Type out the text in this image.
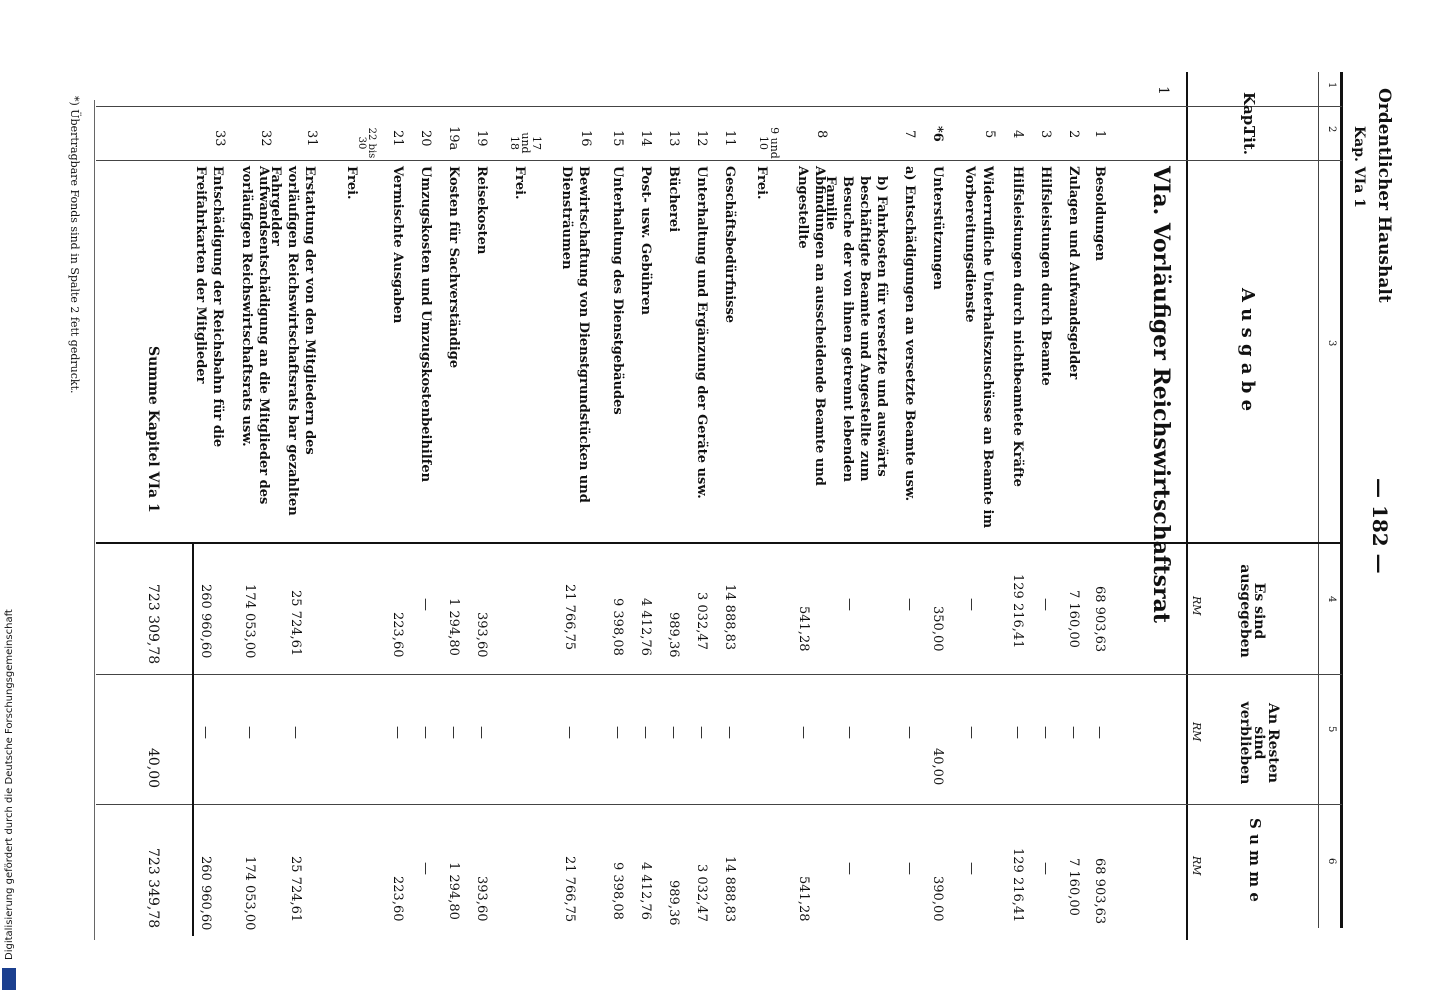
1
2
3
4
5
6
Ordentlicher Haushalt
Kap. VIa 1
— 182 —
Kap.
Tit.
A u s g a b e
Es sind ausgegeben
An Resten sind verblieben
S u m m e
RM
RM
RM
1
VIa. Vorläufiger Reichswirtschaftsrat
1
Besoldungen
68 903,63
—
68 903,63
2
Zulagen und Aufwandsgelder
7 160,00
—
7 160,00
3
Hilfsleistungen durch Beamte
—
—
—
4
Hilfsleistungen durch nichtbeamtete Kräfte
129 216,41
—
129 216,41
5
Widerrufliche Unterhaltszuschüsse an Beamte im Vorbereitungsdienste
—
—
—
*6
Unterstützungen
350,00
40,00
390,00
7
a) Entschädigungen an versetzte Beamte usw.
—
—
—
b) Fahrkosten für versetzte und auswärts beschäftigte Beamte und Angestellte zum Besuche der von ihnen getrennt lebenden Familie
—
—
—
8
Abfindungen an ausscheidende Beamte und Angestellte
541,28
—
541,28
9 und 10
Frei.
11
Geschäftsbedürfnisse
14 888,83
—
14 888,83
12
Unterhaltung und Ergänzung der Geräte usw.
3 032,47
—
3 032,47
13
Bücherei
989,36
—
989,36
14
Post- usw. Gebühren
4 412,76
—
4 412,76
15
Unterhaltung des Dienstgebäudes
9 398,08
—
9 398,08
16
Bewirtschaftung von Dienstgrundstücken und Diensträumen
21 766,75
—
21 766,75
17 und 18
Frei.
19
Reisekosten
393,60
—
393,60
19a
Kosten für Sachverständige
1 294,80
—
1 294,80
20
Umzugskosten und Umzugskostenbeihilfen
—
—
—
21
Vermischte Ausgaben
223,60
—
223,60
22 bis 30
Frei.
31
Erstattung der von den Mitgliedern des vorläufigen Reichswirtschaftsrats bar gezahlten Fahrgelder
25 724,61
—
25 724,61
32
Aufwandsentschädigung an die Mitglieder des vorläufigen Reichswirtschaftsrats usw.
174 053,00
—
174 053,00
33
Entschädigung der Reichsbahn für die Freifahrkarten der Mitglieder
260 960,60
—
260 960,60
Summe Kapitel VIa 1
723 309,78
40,00
723 349,78
*) Übertragbare Fonds sind in Spalte 2 fett gedruckt.
Digitalisierung gefördert durch die Deutsche Forschungsgemeinschaft
